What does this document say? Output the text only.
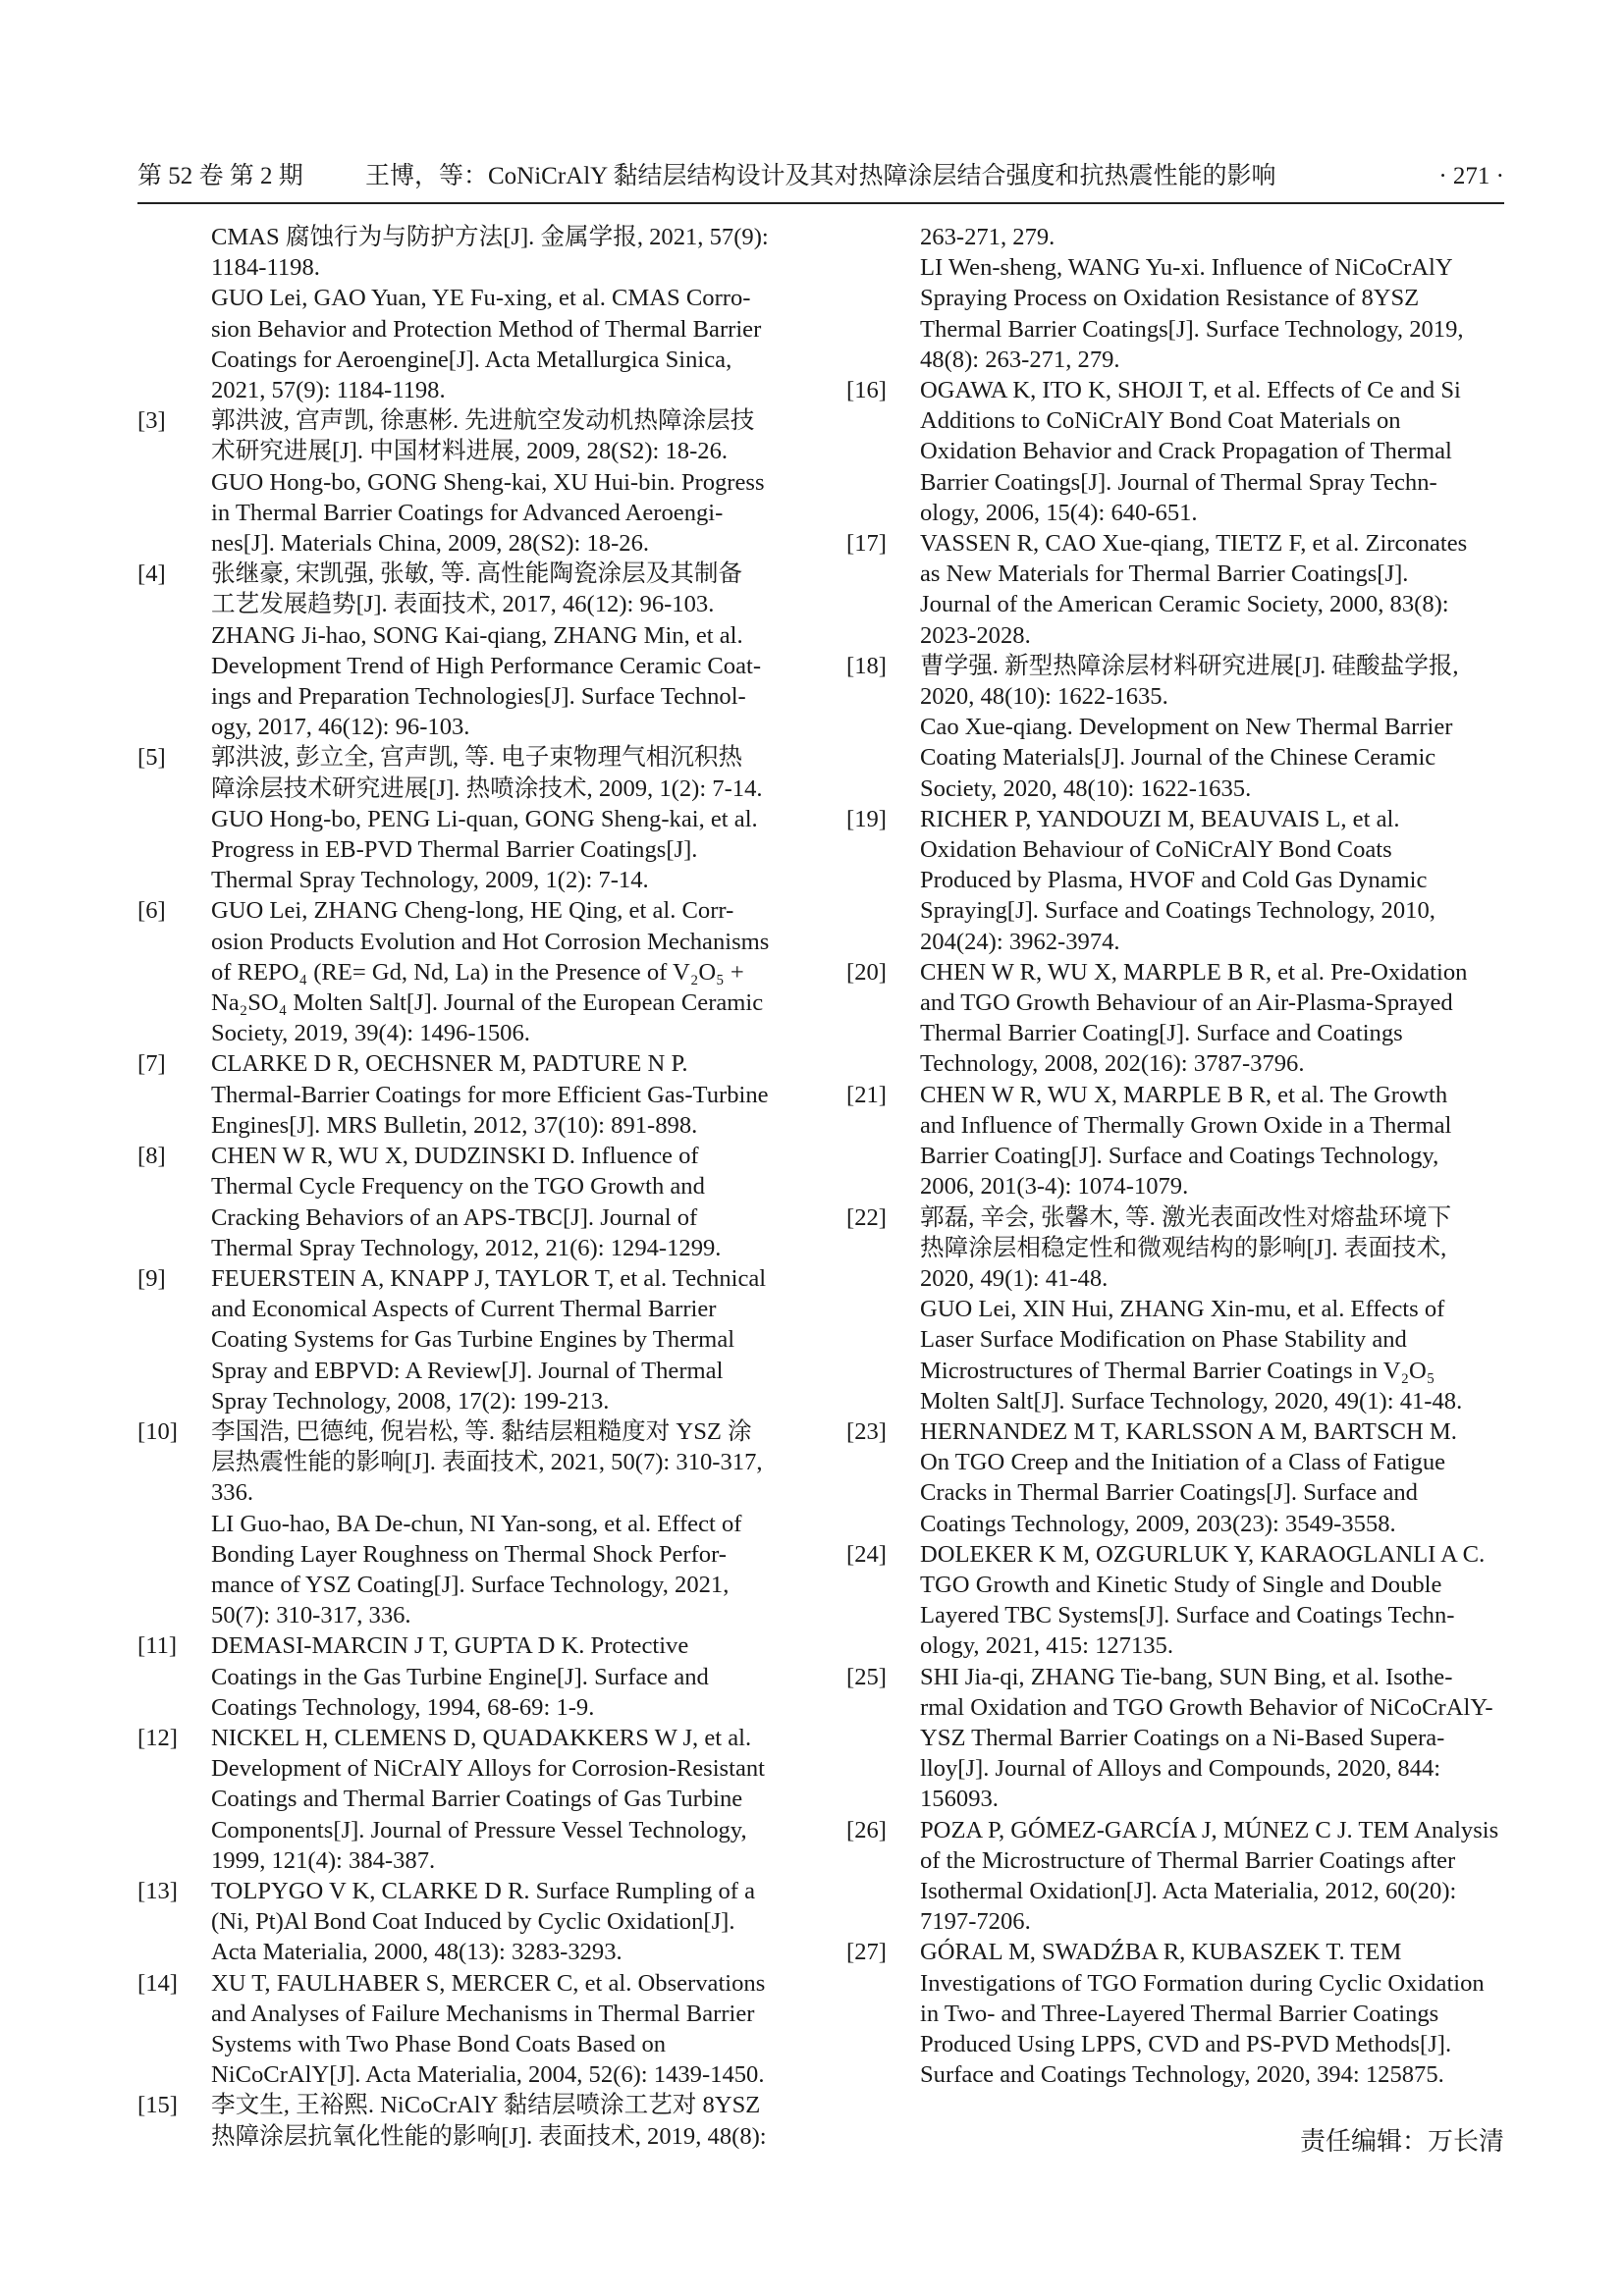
第 52 卷 第 2 期	王博，等：CoNiCrAlY 黏结层结构设计及其对热障涂层结合强度和抗热震性能的影响	· 271 ·
CMAS 腐蚀行为与防护方法[J]. 金属学报, 2021, 57(9):
1184-1198.
GUO Lei, GAO Yuan, YE Fu-xing, et al. CMAS Corro-
sion Behavior and Protection Method of Thermal Barrier
Coatings for Aeroengine[J]. Acta Metallurgica Sinica,
2021, 57(9): 1184-1198.
[3] 郭洪波, 宫声凯, 徐惠彬. 先进航空发动机热障涂层技
术研究进展[J]. 中国材料进展, 2009, 28(S2): 18-26.
GUO Hong-bo, GONG Sheng-kai, XU Hui-bin. Progress
in Thermal Barrier Coatings for Advanced Aeroengi-
nes[J]. Materials China, 2009, 28(S2): 18-26.
[4] 张继豪, 宋凯强, 张敏, 等. 高性能陶瓷涂层及其制备
工艺发展趋势[J]. 表面技术, 2017, 46(12): 96-103.
ZHANG Ji-hao, SONG Kai-qiang, ZHANG Min, et al.
Development Trend of High Performance Ceramic Coat-
ings and Preparation Technologies[J]. Surface Technol-
ogy, 2017, 46(12): 96-103.
[5] 郭洪波, 彭立全, 宫声凯, 等. 电子束物理气相沉积热
障涂层技术研究进展[J]. 热喷涂技术, 2009, 1(2): 7-14.
GUO Hong-bo, PENG Li-quan, GONG Sheng-kai, et al.
Progress in EB-PVD Thermal Barrier Coatings[J].
Thermal Spray Technology, 2009, 1(2): 7-14.
[6] GUO Lei, ZHANG Cheng-long, HE Qing, et al. Corr-
osion Products Evolution and Hot Corrosion Mechanisms
of REPO₄ (RE= Gd, Nd, La) in the Presence of V₂O₅ +
Na₂SO₄ Molten Salt[J]. Journal of the European Ceramic
Society, 2019, 39(4): 1496-1506.
[7] CLARKE D R, OECHSNER M, PADTURE N P.
Thermal-Barrier Coatings for more Efficient Gas-Turbine
Engines[J]. MRS Bulletin, 2012, 37(10): 891-898.
[8] CHEN W R, WU X, DUDZINSKI D. Influence of
Thermal Cycle Frequency on the TGO Growth and
Cracking Behaviors of an APS-TBC[J]. Journal of
Thermal Spray Technology, 2012, 21(6): 1294-1299.
[9] FEUERSTEIN A, KNAPP J, TAYLOR T, et al. Technical
and Economical Aspects of Current Thermal Barrier
Coating Systems for Gas Turbine Engines by Thermal
Spray and EBPVD: A Review[J]. Journal of Thermal
Spray Technology, 2008, 17(2): 199-213.
[10] 李国浩, 巴德纯, 倪岩松, 等. 黏结层粗糙度对 YSZ 涂
层热震性能的影响[J]. 表面技术, 2021, 50(7): 310-317,
336.
LI Guo-hao, BA De-chun, NI Yan-song, et al. Effect of
Bonding Layer Roughness on Thermal Shock Perfor-
mance of YSZ Coating[J]. Surface Technology, 2021,
50(7): 310-317, 336.
[11] DEMASI-MARCIN J T, GUPTA D K. Protective
Coatings in the Gas Turbine Engine[J]. Surface and
Coatings Technology, 1994, 68-69: 1-9.
[12] NICKEL H, CLEMENS D, QUADAKKERS W J, et al.
Development of NiCrAlY Alloys for Corrosion-Resistant
Coatings and Thermal Barrier Coatings of Gas Turbine
Components[J]. Journal of Pressure Vessel Technology,
1999, 121(4): 384-387.
[13] TOLPYGO V K, CLARKE D R. Surface Rumpling of a
(Ni, Pt)Al Bond Coat Induced by Cyclic Oxidation[J].
Acta Materialia, 2000, 48(13): 3283-3293.
[14] XU T, FAULHABER S, MERCER C, et al. Observations
and Analyses of Failure Mechanisms in Thermal Barrier
Systems with Two Phase Bond Coats Based on
NiCoCrAlY[J]. Acta Materialia, 2004, 52(6): 1439-1450.
[15] 李文生, 王裕熙. NiCoCrAlY 黏结层喷涂工艺对 8YSZ
热障涂层抗氧化性能的影响[J]. 表面技术, 2019, 48(8):
263-271, 279.
LI Wen-sheng, WANG Yu-xi. Influence of NiCoCrAlY
Spraying Process on Oxidation Resistance of 8YSZ
Thermal Barrier Coatings[J]. Surface Technology, 2019,
48(8): 263-271, 279.
[16] OGAWA K, ITO K, SHOJI T, et al. Effects of Ce and Si
Additions to CoNiCrAlY Bond Coat Materials on
Oxidation Behavior and Crack Propagation of Thermal
Barrier Coatings[J]. Journal of Thermal Spray Techn-
ology, 2006, 15(4): 640-651.
[17] VASSEN R, CAO Xue-qiang, TIETZ F, et al. Zirconates
as New Materials for Thermal Barrier Coatings[J].
Journal of the American Ceramic Society, 2000, 83(8):
2023-2028.
[18] 曹学强. 新型热障涂层材料研究进展[J]. 硅酸盐学报,
2020, 48(10): 1622-1635.
Cao Xue-qiang. Development on New Thermal Barrier
Coating Materials[J]. Journal of the Chinese Ceramic
Society, 2020, 48(10): 1622-1635.
[19] RICHER P, YANDOUZI M, BEAUVAIS L, et al.
Oxidation Behaviour of CoNiCrAlY Bond Coats
Produced by Plasma, HVOF and Cold Gas Dynamic
Spraying[J]. Surface and Coatings Technology, 2010,
204(24): 3962-3974.
[20] CHEN W R, WU X, MARPLE B R, et al. Pre-Oxidation
and TGO Growth Behaviour of an Air-Plasma-Sprayed
Thermal Barrier Coating[J]. Surface and Coatings
Technology, 2008, 202(16): 3787-3796.
[21] CHEN W R, WU X, MARPLE B R, et al. The Growth
and Influence of Thermally Grown Oxide in a Thermal
Barrier Coating[J]. Surface and Coatings Technology,
2006, 201(3-4): 1074-1079.
[22] 郭磊, 辛会, 张馨木, 等. 激光表面改性对熔盐环境下
热障涂层相稳定性和微观结构的影响[J]. 表面技术,
2020, 49(1): 41-48.
GUO Lei, XIN Hui, ZHANG Xin-mu, et al. Effects of
Laser Surface Modification on Phase Stability and
Microstructures of Thermal Barrier Coatings in V₂O₅
Molten Salt[J]. Surface Technology, 2020, 49(1): 41-48.
[23] HERNANDEZ M T, KARLSSON A M, BARTSCH M.
On TGO Creep and the Initiation of a Class of Fatigue
Cracks in Thermal Barrier Coatings[J]. Surface and
Coatings Technology, 2009, 203(23): 3549-3558.
[24] DOLEKER K M, OZGURLUK Y, KARAOGLANLI A C.
TGO Growth and Kinetic Study of Single and Double
Layered TBC Systems[J]. Surface and Coatings Techn-
ology, 2021, 415: 127135.
[25] SHI Jia-qi, ZHANG Tie-bang, SUN Bing, et al. Isothe-
rmal Oxidation and TGO Growth Behavior of NiCoCrAlY-
YSZ Thermal Barrier Coatings on a Ni-Based Supera-
lloy[J]. Journal of Alloys and Compounds, 2020, 844:
156093.
[26] POZA P, GÓMEZ-GARCÍA J, MÚNEZ C J. TEM Analysis
of the Microstructure of Thermal Barrier Coatings after
Isothermal Oxidation[J]. Acta Materialia, 2012, 60(20):
7197-7206.
[27] GÓRAL M, SWADŹBA R, KUBASZEK T. TEM
Investigations of TGO Formation during Cyclic Oxidation
in Two- and Three-Layered Thermal Barrier Coatings
Produced Using LPPS, CVD and PS-PVD Methods[J].
Surface and Coatings Technology, 2020, 394: 125875.
责任编辑：万长清
